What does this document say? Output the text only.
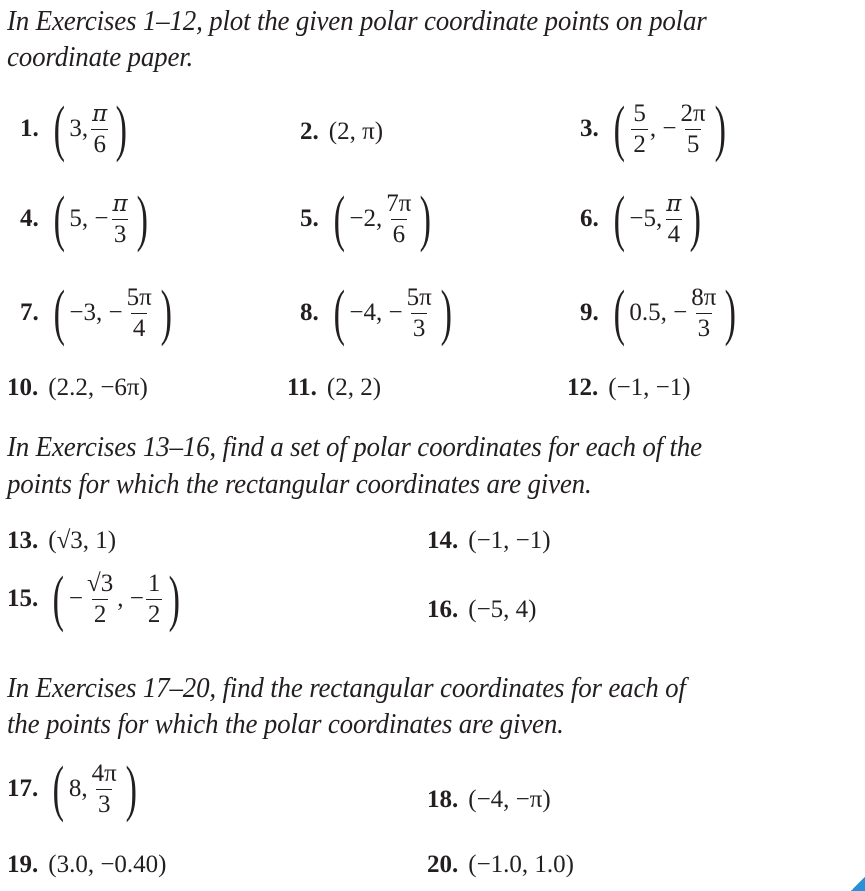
In Exercises 1–12, plot the given polar coordinate points on polar

coordinate paper.

1. ( 3, $\frac{\pi}{6}$ )	2. (2, π)	3. ( $\frac{5}{2}$ , − $\frac{2\pi}{5}$ )
4. ( 5, − $\frac{\pi}{3}$ )	5. ( −2, $\frac{7\pi}{6}$ )	6. ( −5, $\frac{\pi}{4}$ )
7. ( −3, − $\frac{5\pi}{4}$ )	8. ( −4, − $\frac{5\pi}{3}$ )	9. ( 0.5, − $\frac{8\pi}{3}$ )
10. (2.2, −6π)	11. (2, 2)	12. (−1, −1)

In Exercises 13–16, find a set of polar coordinates for each of the

points for which the rectangular coordinates are given.

13. (√3, 1)	14. (−1, −1)
15. ( − $\frac{√3}{2}$ , − $\frac{1}{2}$ )	16. (−5, 4)

In Exercises 17–20, find the rectangular coordinates for each of

the points for which the polar coordinates are given.

17. ( 8, $\frac{4\pi}{3}$ )	18. (−4, −π)
19. (3.0, −0.40)	20. (−1.0, 1.0)
